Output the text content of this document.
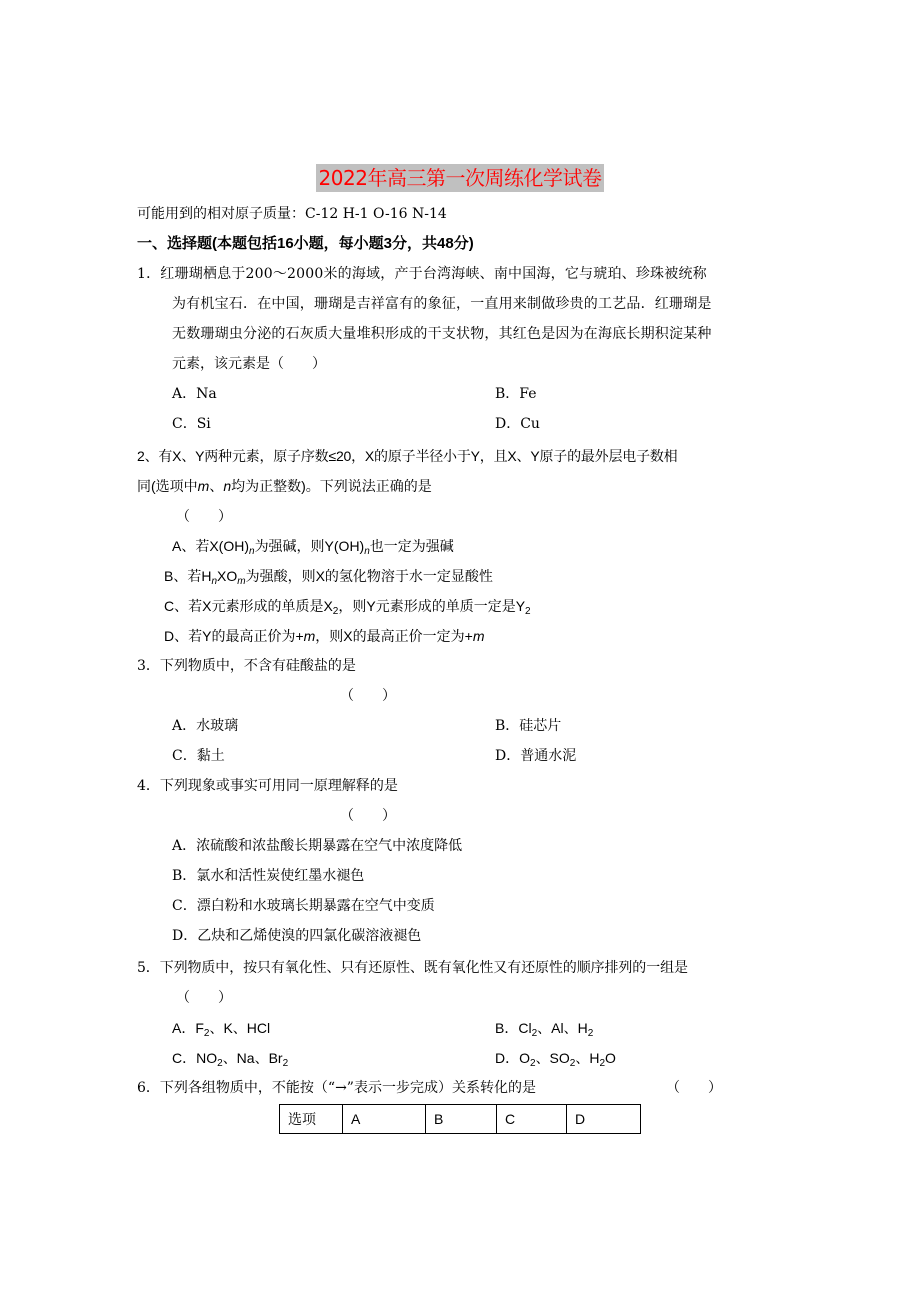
2022年高三第一次周练化学试卷
可能用到的相对原子质量：C-12 H-1 O-16 N-14
一、选择题(本题包括16小题，每小题3分，共48分)
1．红珊瑚栖息于200～2000米的海域，产于台湾海峡、南中国海，它与琥珀、珍珠被统称
为有机宝石．在中国，珊瑚是吉祥富有的象征，一直用来制做珍贵的工艺品．红珊瑚是
无数珊瑚虫分泌的石灰质大量堆积形成的干支状物，其红色是因为在海底长期积淀某种
元素，该元素是（　　）
A．Na	B．Fe
C．Si	D．Cu
2、有X、Y两种元素，原子序数≤20，X的原子半径小于Y，且X、Y原子的最外层电子数相
同(选项中m、n均为正整数)。下列说法正确的是
（　　）
A、若$X(OH)_n$为强碱，则$Y(OH)_n$也一定为强碱
B、若$H_nXO_m$为强酸，则X的氢化物溶于水一定显酸性
C、若X元素形成的单质是$X_2$，则Y元素形成的单质一定是$Y_2$
D、若Y的最高正价为+m，则X的最高正价一定为+m
3．下列物质中，不含有硅酸盐的是
（　　）
A．水玻璃	B．硅芯片
C．黏土	D．普通水泥
4．下列现象或事实可用同一原理解释的是
（　　）
A．浓硫酸和浓盐酸长期暴露在空气中浓度降低
B．氯水和活性炭使红墨水褪色
C．漂白粉和水玻璃长期暴露在空气中变质
D．乙炔和乙烯使溴的四氯化碳溶液褪色
5．下列物质中，按只有氧化性、只有还原性、既有氧化性又有还原性的顺序排列的一组是
（　　）
A．$F_2$、K、HCl	B．$Cl_2$、Al、$H_2$
C．$NO_2$、Na、$Br_2$	D．$O_2$、$SO_2$、$H_2O$
6．下列各组物质中，不能按（“→”表示一步完成）关系转化的是	（　　）
选项	A	B	C	D
